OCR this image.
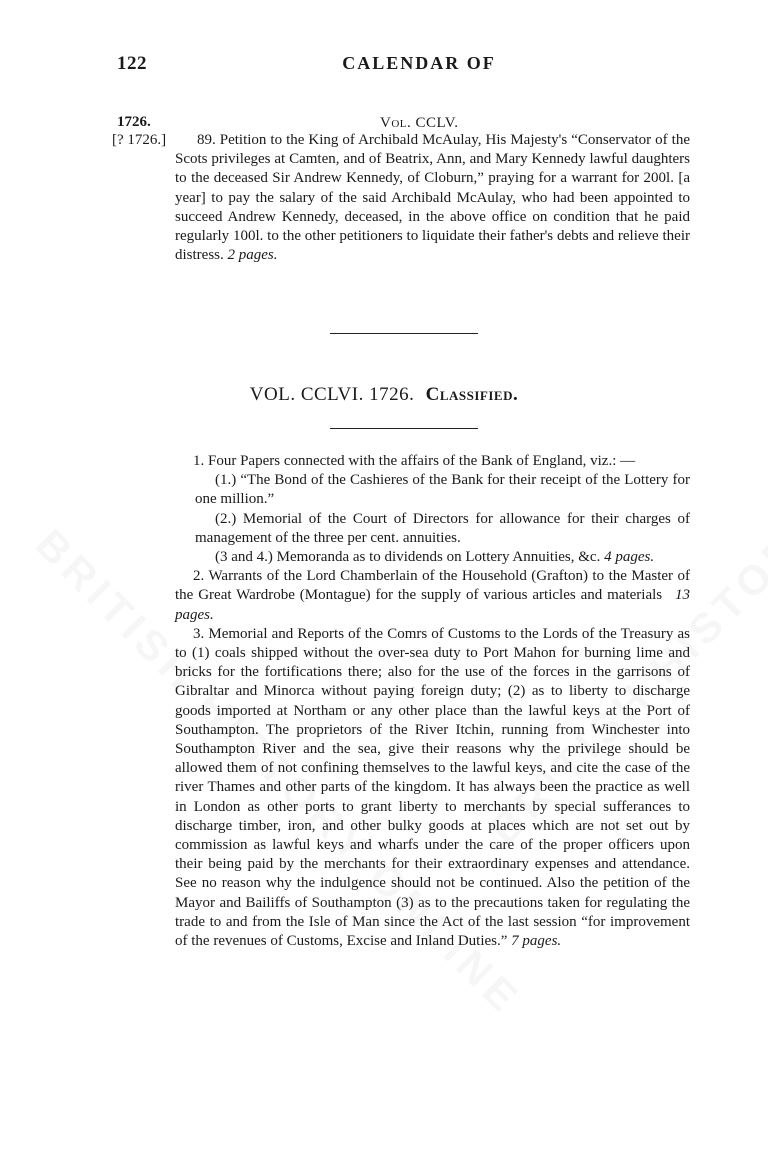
122	CALENDAR OF
Vol. CCLV.
1726.
[? 1726.]	89. Petition to the King of Archibald McAulay, His Majesty's “Conservator of the Scots privileges at Camten, and of Beatrix, Ann, and Mary Kennedy lawful daughters to the deceased Sir Andrew Kennedy, of Cloburn,” praying for a warrant for 200l. [a year] to pay the salary of the said Archibald McAulay, who had been appointed to succeed Andrew Kennedy, deceased, in the above office on condition that he paid regularly 100l. to the other petitioners to liquidate their father's debts and relieve their distress. 2 pages.
VOL. CCLVI. 1726. Classified.

1. Four Papers connected with the affairs of the Bank of England, viz.: —

(1.) “The Bond of the Cashieres of the Bank for their receipt of the Lottery for one million.”

(2.) Memorial of the Court of Directors for allowance for their charges of management of the three per cent. annuities.

(3 and 4.) Memoranda as to dividends on Lottery Annuities, &c. 4 pages.

2. Warrants of the Lord Chamberlain of the Household (Grafton) to the Master of the Great Wardrobe (Montague) for the supply of various articles and materials 13 pages.

3. Memorial and Reports of the Comrs of Customs to the Lords of the Treasury as to (1) coals shipped without the over-sea duty to Port Mahon for burning lime and bricks for the fortifications there; also for the use of the forces in the garrisons of Gibraltar and Minorca without paying foreign duty; (2) as to liberty to discharge goods imported at Northam or any other place than the lawful keys at the Port of Southampton. The proprietors of the River Itchin, running from Winchester into Southampton River and the sea, give their reasons why the privilege should be allowed them of not confining themselves to the lawful keys, and cite the case of the river Thames and other parts of the kingdom. It has always been the practice as well in London as other ports to grant liberty to merchants by special sufferances to discharge timber, iron, and other bulky goods at places which are not set out by commission as lawful keys and wharfs under the care of the proper officers upon their being paid by the merchants for their extraordinary expenses and attendance. See no reason why the indulgence should not be continued. Also the petition of the Mayor and Bailiffs of Southampton (3) as to the precautions taken for regulating the trade to and from the Isle of Man since the Act of the last session “for improvement of the revenues of Customs, Excise and Inland Duties.” 7 pages.
